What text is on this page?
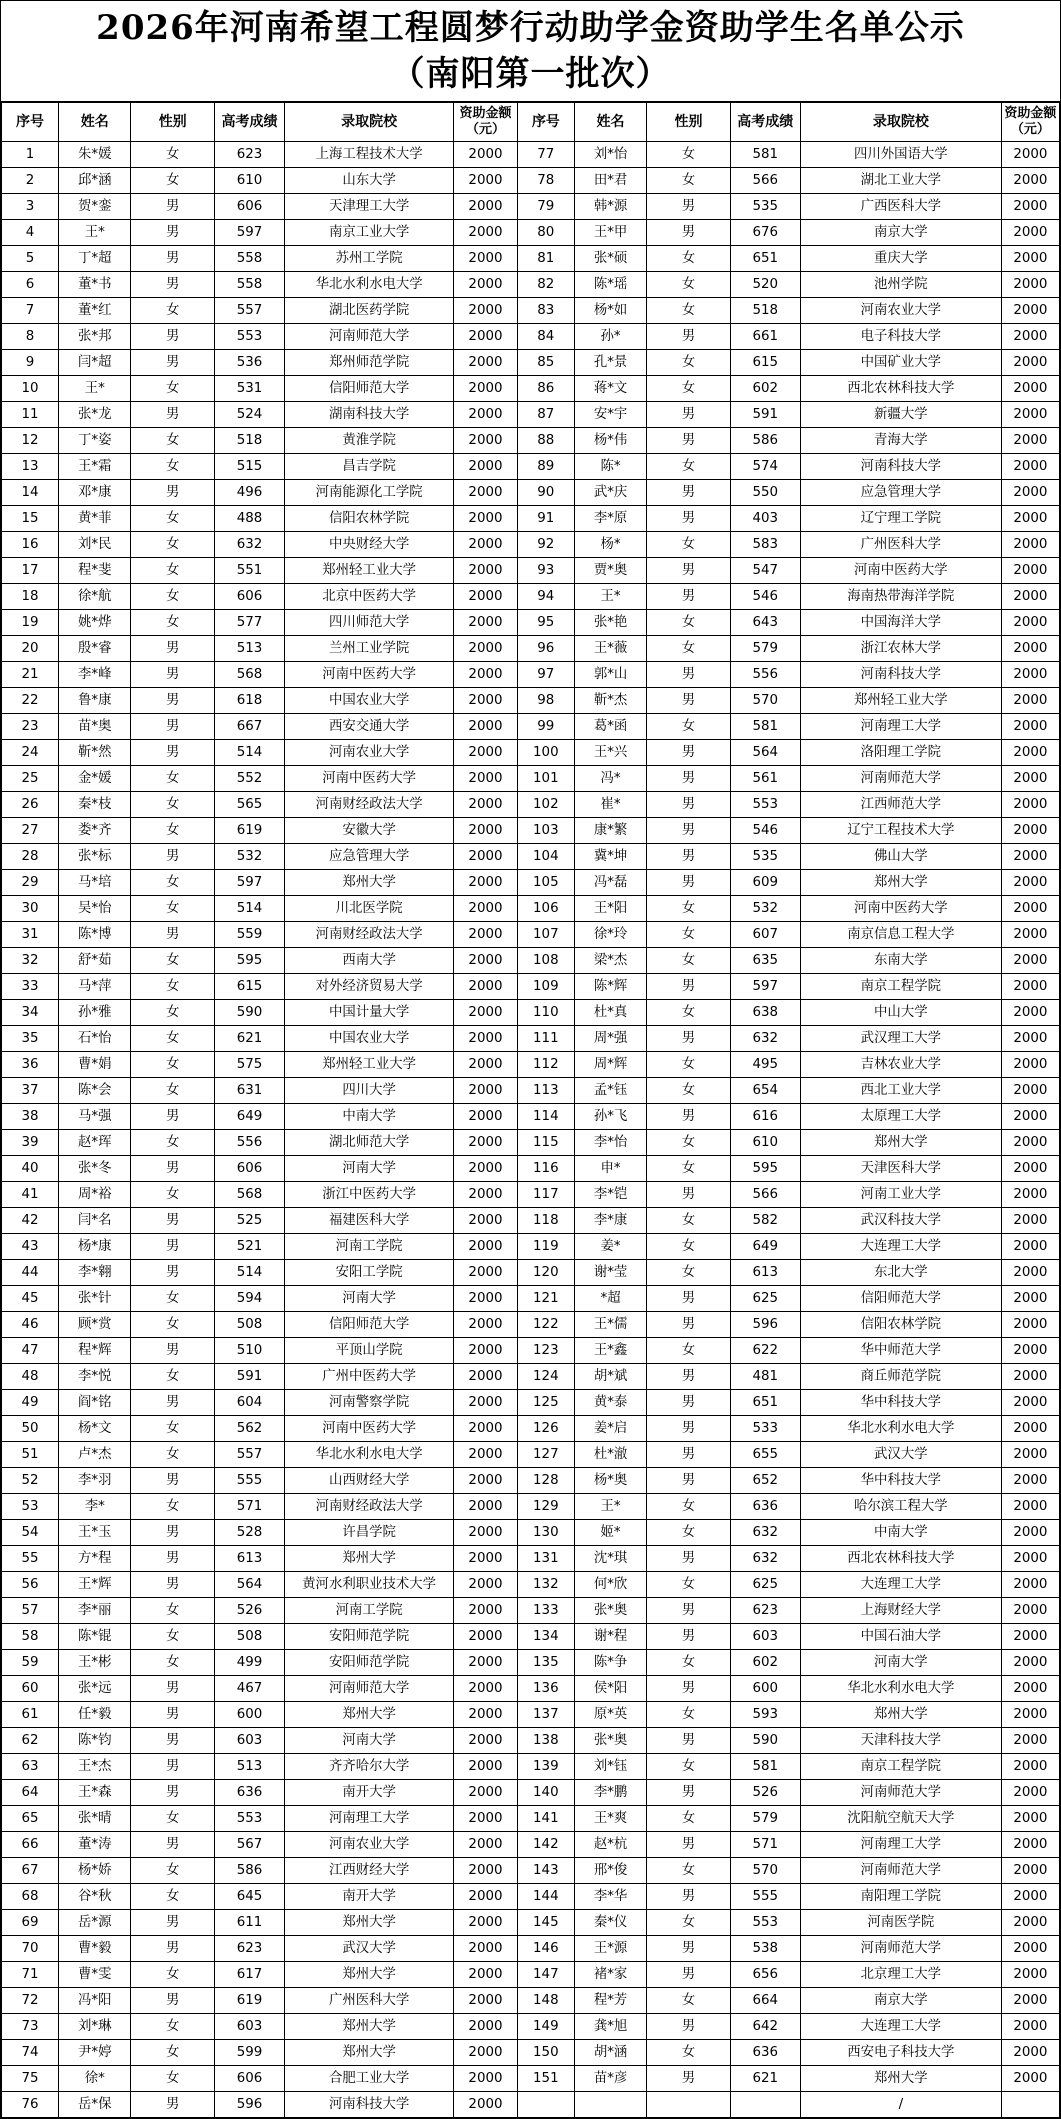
2026年河南希望工程圆梦行动助学金资助学生名单公示
（南阳第一批次）
序号	姓名	性别	高考成绩	录取院校	资助金额（元）	序号	姓名	性别	高考成绩	录取院校	资助金额（元）
1	朱*媛	女	623	上海工程技术大学	2000	77	刘*怡	女	581	四川外国语大学	2000
2	邱*涵	女	610	山东大学	2000	78	田*君	女	566	湖北工业大学	2000
3	贺*銮	男	606	天津理工大学	2000	79	韩*源	男	535	广西医科大学	2000
4	王*	男	597	南京工业大学	2000	80	王*甲	男	676	南京大学	2000
5	丁*超	男	558	苏州工学院	2000	81	张*硕	女	651	重庆大学	2000
6	董*书	男	558	华北水利水电大学	2000	82	陈*瑶	女	520	池州学院	2000
7	董*红	女	557	湖北医药学院	2000	83	杨*如	女	518	河南农业大学	2000
8	张*邦	男	553	河南师范大学	2000	84	孙*	男	661	电子科技大学	2000
9	闫*超	男	536	郑州师范学院	2000	85	孔*景	女	615	中国矿业大学	2000
10	王*	女	531	信阳师范大学	2000	86	蒋*文	女	602	西北农林科技大学	2000
11	张*龙	男	524	湖南科技大学	2000	87	安*宇	男	591	新疆大学	2000
12	丁*姿	女	518	黄淮学院	2000	88	杨*伟	男	586	青海大学	2000
13	王*霜	女	515	昌吉学院	2000	89	陈*	女	574	河南科技大学	2000
14	邓*康	男	496	河南能源化工学院	2000	90	武*庆	男	550	应急管理大学	2000
15	黄*菲	女	488	信阳农林学院	2000	91	李*原	男	403	辽宁理工学院	2000
16	刘*民	女	632	中央财经大学	2000	92	杨*	女	583	广州医科大学	2000
17	程*斐	女	551	郑州轻工业大学	2000	93	贾*奥	男	547	河南中医药大学	2000
18	徐*航	女	606	北京中医药大学	2000	94	王*	男	546	海南热带海洋学院	2000
19	姚*烨	女	577	四川师范大学	2000	95	张*艳	女	643	中国海洋大学	2000
20	殷*睿	男	513	兰州工业学院	2000	96	王*薇	女	579	浙江农林大学	2000
21	李*峰	男	568	河南中医药大学	2000	97	郭*山	男	556	河南科技大学	2000
22	鲁*康	男	618	中国农业大学	2000	98	靳*杰	男	570	郑州轻工业大学	2000
23	苗*奥	男	667	西安交通大学	2000	99	葛*函	女	581	河南理工大学	2000
24	靳*然	男	514	河南农业大学	2000	100	王*兴	男	564	洛阳理工学院	2000
25	金*媛	女	552	河南中医药大学	2000	101	冯*	男	561	河南师范大学	2000
26	秦*枝	女	565	河南财经政法大学	2000	102	崔*	男	553	江西师范大学	2000
27	娄*齐	女	619	安徽大学	2000	103	康*繁	男	546	辽宁工程技术大学	2000
28	张*标	男	532	应急管理大学	2000	104	冀*坤	男	535	佛山大学	2000
29	马*培	女	597	郑州大学	2000	105	冯*磊	男	609	郑州大学	2000
30	吴*怡	女	514	川北医学院	2000	106	王*阳	女	532	河南中医药大学	2000
31	陈*博	男	559	河南财经政法大学	2000	107	徐*玲	女	607	南京信息工程大学	2000
32	舒*茹	女	595	西南大学	2000	108	梁*杰	女	635	东南大学	2000
33	马*萍	女	615	对外经济贸易大学	2000	109	陈*辉	男	597	南京工程学院	2000
34	孙*雅	女	590	中国计量大学	2000	110	杜*真	女	638	中山大学	2000
35	石*怡	女	621	中国农业大学	2000	111	周*强	男	632	武汉理工大学	2000
36	曹*娟	女	575	郑州轻工业大学	2000	112	周*辉	女	495	吉林农业大学	2000
37	陈*会	女	631	四川大学	2000	113	孟*钰	女	654	西北工业大学	2000
38	马*强	男	649	中南大学	2000	114	孙*飞	男	616	太原理工大学	2000
39	赵*珲	女	556	湖北师范大学	2000	115	李*怡	女	610	郑州大学	2000
40	张*冬	男	606	河南大学	2000	116	申*	女	595	天津医科大学	2000
41	周*裕	女	568	浙江中医药大学	2000	117	李*铠	男	566	河南工业大学	2000
42	闫*名	男	525	福建医科大学	2000	118	李*康	女	582	武汉科技大学	2000
43	杨*康	男	521	河南工学院	2000	119	姜*	女	649	大连理工大学	2000
44	李*翱	男	514	安阳工学院	2000	120	谢*莹	女	613	东北大学	2000
45	张*针	女	594	河南大学	2000	121	*超	男	625	信阳师范大学	2000
46	顾*赏	女	508	信阳师范大学	2000	122	王*儒	男	596	信阳农林学院	2000
47	程*辉	男	510	平顶山学院	2000	123	王*鑫	女	622	华中师范大学	2000
48	李*悦	女	591	广州中医药大学	2000	124	胡*斌	男	481	商丘师范学院	2000
49	阎*铭	男	604	河南警察学院	2000	125	黄*泰	男	651	华中科技大学	2000
50	杨*文	女	562	河南中医药大学	2000	126	姜*启	男	533	华北水利水电大学	2000
51	卢*杰	女	557	华北水利水电大学	2000	127	杜*澈	男	655	武汉大学	2000
52	李*羽	男	555	山西财经大学	2000	128	杨*奥	男	652	华中科技大学	2000
53	李*	女	571	河南财经政法大学	2000	129	王*	女	636	哈尔滨工程大学	2000
54	王*玉	男	528	许昌学院	2000	130	姬*	女	632	中南大学	2000
55	方*程	男	613	郑州大学	2000	131	沈*琪	男	632	西北农林科技大学	2000
56	王*辉	男	564	黄河水利职业技术大学	2000	132	何*欣	女	625	大连理工大学	2000
57	李*丽	女	526	河南工学院	2000	133	张*奥	男	623	上海财经大学	2000
58	陈*锟	女	508	安阳师范学院	2000	134	谢*程	男	603	中国石油大学	2000
59	王*彬	女	499	安阳师范学院	2000	135	陈*争	女	602	河南大学	2000
60	张*远	男	467	河南师范大学	2000	136	侯*阳	男	600	华北水利水电大学	2000
61	任*毅	男	600	郑州大学	2000	137	原*英	女	593	郑州大学	2000
62	陈*钧	男	603	河南大学	2000	138	张*奥	男	590	天津科技大学	2000
63	王*杰	男	513	齐齐哈尔大学	2000	139	刘*钰	女	581	南京工程学院	2000
64	王*森	男	636	南开大学	2000	140	李*鹏	男	526	河南师范大学	2000
65	张*晴	女	553	河南理工大学	2000	141	王*爽	女	579	沈阳航空航天大学	2000
66	董*涛	男	567	河南农业大学	2000	142	赵*杭	男	571	河南理工大学	2000
67	杨*娇	女	586	江西财经大学	2000	143	邢*俊	女	570	河南师范大学	2000
68	谷*秋	女	645	南开大学	2000	144	李*华	男	555	南阳理工学院	2000
69	岳*源	男	611	郑州大学	2000	145	秦*仪	女	553	河南医学院	2000
70	曹*毅	男	623	武汉大学	2000	146	王*源	男	538	河南师范大学	2000
71	曹*雯	女	617	郑州大学	2000	147	褚*家	男	656	北京理工大学	2000
72	冯*阳	男	619	广州医科大学	2000	148	程*芳	女	664	南京大学	2000
73	刘*琳	女	603	郑州大学	2000	149	龚*旭	男	642	大连理工大学	2000
74	尹*婷	女	599	郑州大学	2000	150	胡*涵	女	636	西安电子科技大学	2000
75	徐*	女	606	合肥工业大学	2000	151	苗*彦	男	621	郑州大学	2000
76	岳*保	男	596	河南科技大学	2000					/	
